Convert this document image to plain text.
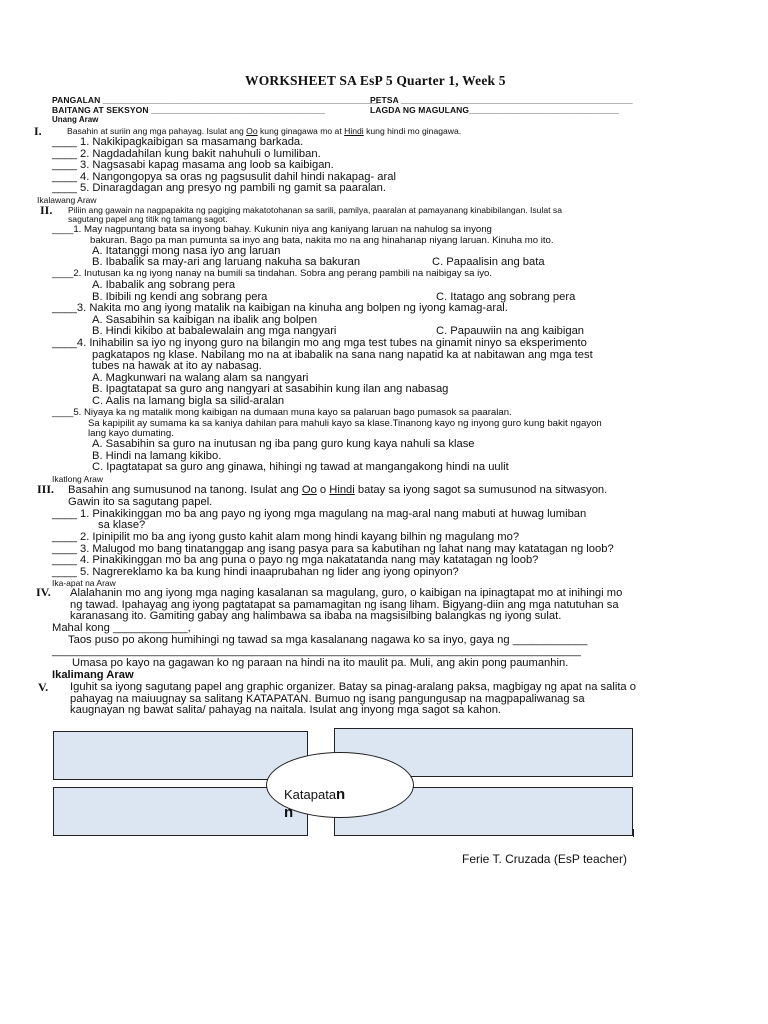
WORKSHEET SA EsP 5 Quarter 1, Week 5
PANGALAN _________________________________________________________
PETSA ________________________________________________
BAITANG AT SEKSYON ____________________________________	LAGDA NG MAGULANG_______________________________
Unang Araw
I.	Basahin at suriin ang mga pahayag. Isulat ang Oo kung ginagawa mo at Hindi kung hindi mo ginagawa.
____ 1. Nakikipagkaibigan sa masamang barkada.
____ 2. Nagdadahilan kung bakit nahuhuli o lumiliban.
____ 3. Nagsasabi kapag masama ang loob sa kaibigan.
____ 4. Nangongopya sa oras ng pagsusulit dahil hindi nakapag- aral
____ 5. Dinaragdagan ang presyo ng pambili ng gamit sa paaralan.
Ikalawang Araw
II. Piliin ang gawain na nagpapakita ng pagiging makatotohanan sa sarili, pamilya, paaralan at pamayanang kinabibilangan. Isulat sa
sagutang papel ang titik ng tamang sagot.
____1. May nagpuntang bata sa inyong bahay. Kukunin niya ang kaniyang laruan na nahulog sa inyong
bakuran. Bago pa man pumunta sa inyo ang bata, nakita mo na ang hinahanap niyang laruan. Kinuha mo ito.
A. Itatanggi mong nasa iyo ang laruan
B. Ibabalik sa may-ari ang laruang nakuha sa bakuran	C. Papaalisin ang bata
____2. Inutusan ka ng iyong nanay na bumili sa tindahan. Sobra ang perang pambili na naibigay sa iyo.
A. Ibabalik ang sobrang pera
B. Ibibili ng kendi ang sobrang pera	C. Itatago ang sobrang pera
____3. Nakita mo ang iyong matalik na kaibigan na kinuha ang bolpen ng iyong kamag-aral.
A. Sasabihin sa kaibigan na ibalik ang bolpen
B. Hindi kikibo at babalewalain ang mga nangyari	C. Papauwiin na ang kaibigan
____4. Inihabilin sa iyo ng inyong guro na bilangin mo ang mga test tubes na ginamit ninyo sa eksperimento
pagkatapos ng klase. Nabilang mo na at ibabalik na sana nang napatid ka at nabitawan ang mga test
tubes na hawak at ito ay nabasag.
A. Magkunwari na walang alam sa nangyari
B. Ipagtatapat sa guro ang nangyari at sasabihin kung ilan ang nabasag
C. Aalis na lamang bigla sa silid-aralan
____5. Niyaya ka ng matalik mong kaibigan na dumaan muna kayo sa palaruan bago pumasok sa paaralan.
Sa kapipilit ay sumama ka sa kaniya dahilan para mahuli kayo sa klase.Tinanong kayo ng inyong guro kung bakit ngayon
lang kayo dumating.
A. Sasabihin sa guro na inutusan ng iba pang guro kung kaya nahuli sa klase
B. Hindi na lamang kikibo.
C. Ipagtatapat sa guro ang ginawa, hihingi ng tawad at mangangakong hindi na uulit
Ikatlong Araw
III. Basahin ang sumusunod na tanong. Isulat ang Oo o Hindi batay sa iyong sagot sa sumusunod na sitwasyon.
Gawin ito sa sagutang papel.
____ 1. Pinakikinggan mo ba ang payo ng iyong mga magulang na mag-aral nang mabuti at huwag lumiban
sa klase?
____ 2. Ipinipilit mo ba ang iyong gusto kahit alam mong hindi kayang bilhin ng magulang mo?
____ 3. Malugod mo bang tinatanggap ang isang pasya para sa kabutihan ng lahat nang may katatagan ng loob?
____ 4. Pinakikinggan mo ba ang puna o payo ng mga nakatatanda nang may katatagan ng loob?
____ 5. Nagrereklamo ka ba kung hindi inaaprubahan ng lider ang iyong opinyon?
Ika-apat na Araw
IV. Alalahanin mo ang iyong mga naging kasalanan sa magulang, guro, o kaibigan na ipinagtapat mo at inihingi mo
ng tawad. Ipahayag ang iyong pagtatapat sa pamamagitan ng isang liham. Bigyang-diin ang mga natutuhan sa
karanasang ito. Gamiting gabay ang halimbawa sa ibaba na magsisilbing balangkas ng iyong sulat.
Mahal kong ____________,
Taos puso po akong humihingi ng tawad sa mga kasalanang nagawa ko sa inyo, gaya ng ____________
_____________________________________________________________________________________
Umasa po kayo na gagawan ko ng paraan na hindi na ito maulit pa. Muli, ang akin pong paumanhin.
Ikalimang Araw
V. Iguhit sa iyong sagutang papel ang graphic organizer. Batay sa pinag-aralang paksa, magbigay ng apat na salita o
pahayag na maiuugnay sa salitang KATAPATAN. Bumuo ng isang pangungusap na magpapaliwanag sa
kaugnayan ng bawat salita/ pahayag na naitala. Isulat ang inyong mga sagot sa kahon.
Katapatan
n
Ferie T. Cruzada (EsP teacher)
